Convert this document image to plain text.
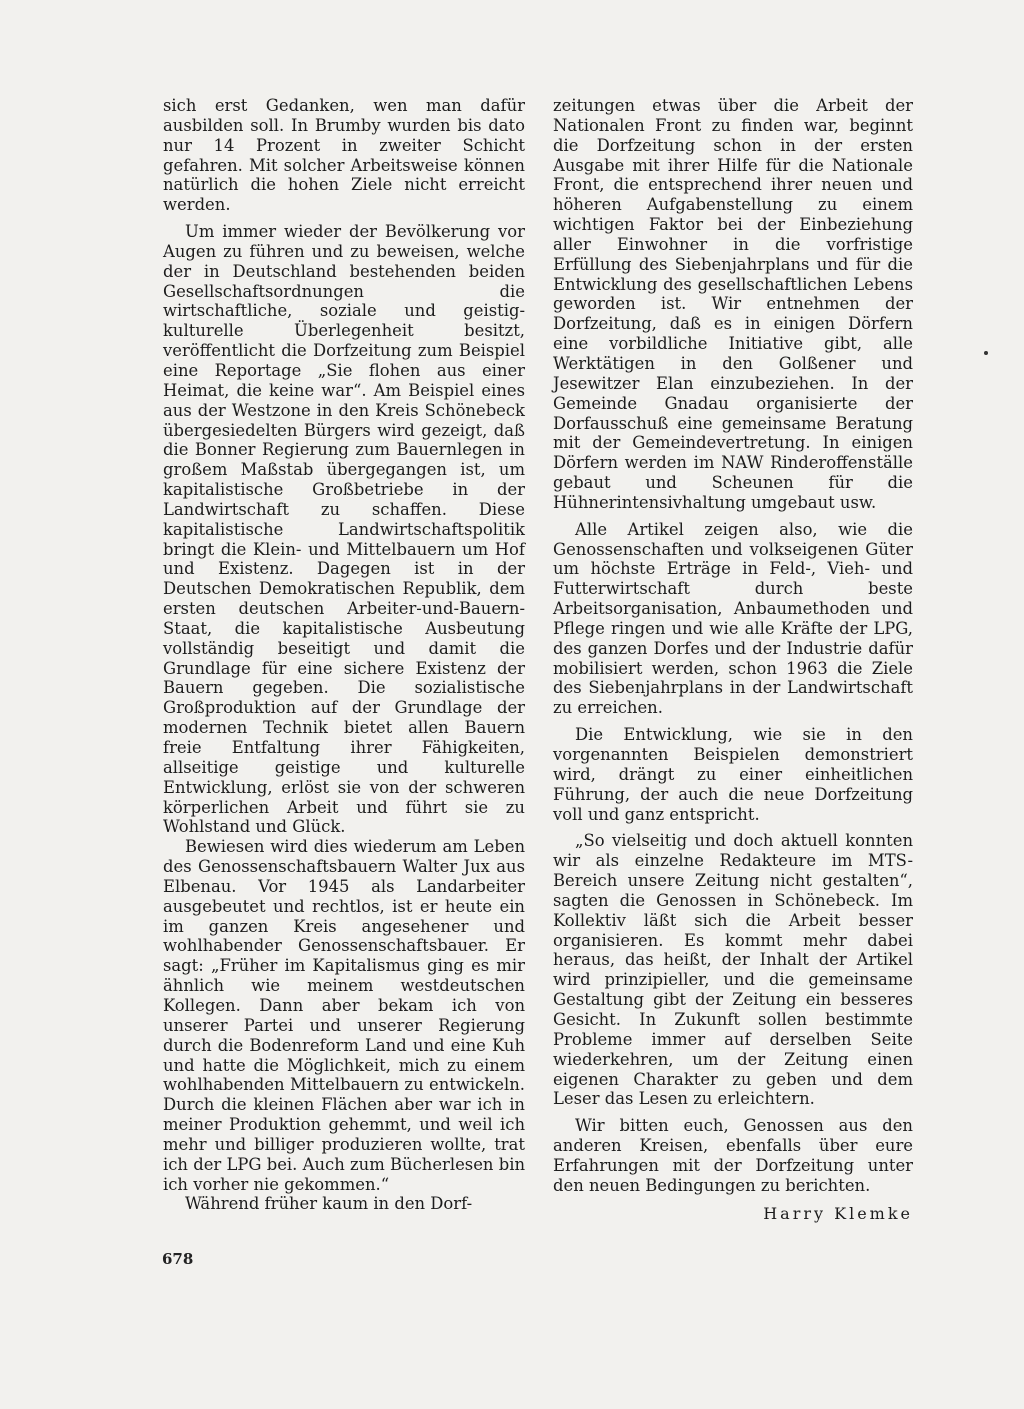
sich erst Gedanken, wen man dafür ausbilden soll. In Brumby wurden bis dato nur 14 Prozent in zweiter Schicht gefahren. Mit solcher Arbeitsweise können natürlich die hohen Ziele nicht erreicht werden.

Um immer wieder der Bevölkerung vor Augen zu führen und zu beweisen, welche der in Deutschland bestehenden beiden Gesellschaftsordnungen die wirtschaftliche, soziale und geistig-kulturelle Überlegenheit besitzt, veröffentlicht die Dorfzeitung zum Beispiel eine Reportage „Sie flohen aus einer Heimat, die keine war“. Am Beispiel eines aus der Westzone in den Kreis Schönebeck übergesiedelten Bürgers wird gezeigt, daß die Bonner Regierung zum Bauernlegen in großem Maßstab übergegangen ist, um kapitalistische Großbetriebe in der Landwirtschaft zu schaffen. Diese kapitalistische Landwirtschaftspolitik bringt die Klein- und Mittelbauern um Hof und Existenz. Dagegen ist in der Deutschen Demokratischen Republik, dem ersten deutschen Arbeiter-und-Bauern-Staat, die kapitalistische Ausbeutung vollständig beseitigt und damit die Grundlage für eine sichere Existenz der Bauern gegeben. Die sozialistische Großproduktion auf der Grundlage der modernen Technik bietet allen Bauern freie Entfaltung ihrer Fähigkeiten, allseitige geistige und kulturelle Entwicklung, erlöst sie von der schweren körperlichen Arbeit und führt sie zu Wohlstand und Glück.

Bewiesen wird dies wiederum am Leben des Genossenschaftsbauern Walter Jux aus Elbenau. Vor 1945 als Landarbeiter ausgebeutet und rechtlos, ist er heute ein im ganzen Kreis angesehener und wohlhabender Genossenschaftsbauer. Er sagt: „Früher im Kapitalismus ging es mir ähnlich wie meinem westdeutschen Kollegen. Dann aber bekam ich von unserer Partei und unserer Regierung durch die Bodenreform Land und eine Kuh und hatte die Möglichkeit, mich zu einem wohlhabenden Mittelbauern zu entwickeln. Durch die kleinen Flächen aber war ich in meiner Produktion gehemmt, und weil ich mehr und billiger produzieren wollte, trat ich der LPG bei. Auch zum Bücherlesen bin ich vorher nie gekommen.“

Während früher kaum in den Dorf-

zeitungen etwas über die Arbeit der Nationalen Front zu finden war, beginnt die Dorfzeitung schon in der ersten Ausgabe mit ihrer Hilfe für die Nationale Front, die entsprechend ihrer neuen und höheren Aufgabenstellung zu einem wichtigen Faktor bei der Einbeziehung aller Einwohner in die vorfristige Erfüllung des Siebenjahrplans und für die Entwicklung des gesellschaftlichen Lebens geworden ist. Wir entnehmen der Dorfzeitung, daß es in einigen Dörfern eine vorbildliche Initiative gibt, alle Werktätigen in den Golßener und Jesewitzer Elan einzubeziehen. In der Gemeinde Gnadau organisierte der Dorfausschuß eine gemeinsame Beratung mit der Gemeindevertretung. In einigen Dörfern werden im NAW Rinderoffenställe gebaut und Scheunen für die Hühnerintensivhaltung umgebaut usw.

Alle Artikel zeigen also, wie die Genossenschaften und volkseigenen Güter um höchste Erträge in Feld-, Vieh- und Futterwirtschaft durch beste Arbeitsorganisation, Anbaumethoden und Pflege ringen und wie alle Kräfte der LPG, des ganzen Dorfes und der Industrie dafür mobilisiert werden, schon 1963 die Ziele des Siebenjahrplans in der Landwirtschaft zu erreichen.

Die Entwicklung, wie sie in den vorgenannten Beispielen demonstriert wird, drängt zu einer einheitlichen Führung, der auch die neue Dorfzeitung voll und ganz entspricht.

„So vielseitig und doch aktuell konnten wir als einzelne Redakteure im MTS-Bereich unsere Zeitung nicht gestalten“, sagten die Genossen in Schönebeck. Im Kollektiv läßt sich die Arbeit besser organisieren. Es kommt mehr dabei heraus, das heißt, der Inhalt der Artikel wird prinzipieller, und die gemeinsame Gestaltung gibt der Zeitung ein besseres Gesicht. In Zukunft sollen bestimmte Probleme immer auf derselben Seite wiederkehren, um der Zeitung einen eigenen Charakter zu geben und dem Leser das Lesen zu erleichtern.

Wir bitten euch, Genossen aus den anderen Kreisen, ebenfalls über eure Erfahrungen mit der Dorfzeitung unter den neuen Bedingungen zu berichten.

Harry Klemke
678
